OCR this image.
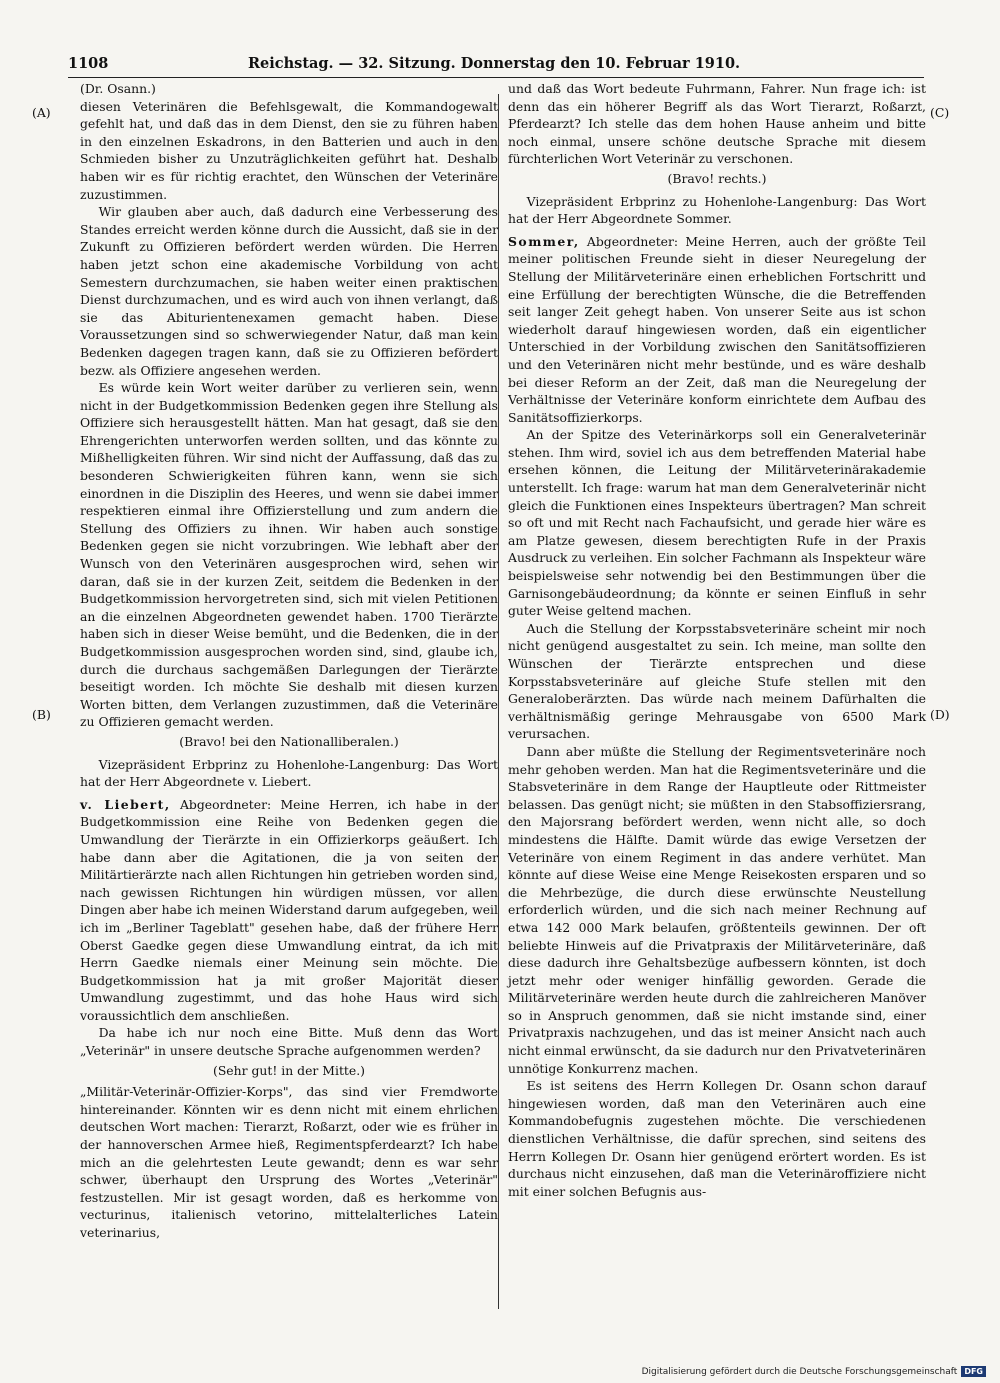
1108	Reichstag. — 32. Sitzung. Donnerstag den 10. Februar 1910.
(A)
(B)
(C)
(D)

(Dr. Osann.)

diesen Veterinären die Befehlsgewalt, die Kommandogewalt gefehlt hat, und daß das in dem Dienst, den sie zu führen haben in den einzelnen Eskadrons, in den Batterien und auch in den Schmieden bisher zu Unzuträglichkeiten geführt hat. Deshalb haben wir es für richtig erachtet, den Wünschen der Veterinäre zuzustimmen.

Wir glauben aber auch, daß dadurch eine Verbesserung des Standes erreicht werden könne durch die Aussicht, daß sie in der Zukunft zu Offizieren befördert werden würden. Die Herren haben jetzt schon eine akademische Vorbildung von acht Semestern durchzumachen, sie haben weiter einen praktischen Dienst durchzumachen, und es wird auch von ihnen verlangt, daß sie das Abiturientenexamen gemacht haben. Diese Voraussetzungen sind so schwerwiegender Natur, daß man kein Bedenken dagegen tragen kann, daß sie zu Offizieren befördert bezw. als Offiziere angesehen werden.

Es würde kein Wort weiter darüber zu verlieren sein, wenn nicht in der Budgetkommission Bedenken gegen ihre Stellung als Offiziere sich herausgestellt hätten. Man hat gesagt, daß sie den Ehrengerichten unterworfen werden sollten, und das könnte zu Mißhelligkeiten führen. Wir sind nicht der Auffassung, daß das zu besonderen Schwierigkeiten führen kann, wenn sie sich einordnen in die Disziplin des Heeres, und wenn sie dabei immer respektieren einmal ihre Offizierstellung und zum andern die Stellung des Offiziers zu ihnen. Wir haben auch sonstige Bedenken gegen sie nicht vorzubringen. Wie lebhaft aber der Wunsch von den Veterinären ausgesprochen wird, sehen wir daran, daß sie in der kurzen Zeit, seitdem die Bedenken in der Budgetkommission hervorgetreten sind, sich mit vielen Petitionen an die einzelnen Abgeordneten gewendet haben. 1700 Tierärzte haben sich in dieser Weise bemüht, und die Bedenken, die in der Budgetkommission ausgesprochen worden sind, sind, glaube ich, durch die durchaus sachgemäßen Darlegungen der Tierärzte beseitigt worden. Ich möchte Sie deshalb mit diesen kurzen Worten bitten, dem Verlangen zuzustimmen, daß die Veterinäre zu Offizieren gemacht werden.

(Bravo! bei den Nationalliberalen.)

Vizepräsident Erbprinz zu Hohenlohe-Langenburg: Das Wort hat der Herr Abgeordnete v. Liebert.

v. Liebert, Abgeordneter: Meine Herren, ich habe in der Budgetkommission eine Reihe von Bedenken gegen die Umwandlung der Tierärzte in ein Offizierkorps geäußert. Ich habe dann aber die Agitationen, die ja von seiten der Militärtierärzte nach allen Richtungen hin getrieben worden sind, nach gewissen Richtungen hin würdigen müssen, vor allen Dingen aber habe ich meinen Widerstand darum aufgegeben, weil ich im „Berliner Tageblatt" gesehen habe, daß der frühere Herr Oberst Gaedke gegen diese Umwandlung eintrat, da ich mit Herrn Gaedke niemals einer Meinung sein möchte. Die Budgetkommission hat ja mit großer Majorität dieser Umwandlung zugestimmt, und das hohe Haus wird sich voraussichtlich dem anschließen.

Da habe ich nur noch eine Bitte. Muß denn das Wort „Veterinär" in unsere deutsche Sprache aufgenommen werden?

(Sehr gut! in der Mitte.)

„Militär-Veterinär-Offizier-Korps", das sind vier Fremdworte hintereinander. Könnten wir es denn nicht mit einem ehrlichen deutschen Wort machen: Tierarzt, Roßarzt, oder wie es früher in der hannoverschen Armee hieß, Regimentspferdearzt? Ich habe mich an die gelehrtesten Leute gewandt; denn es war sehr schwer, überhaupt den Ursprung des Wortes „Veterinär" festzustellen. Mir ist gesagt worden, daß es herkomme von vecturinus, italienisch vetorino, mittelalterliches Latein veterinarius,

und daß das Wort bedeute Fuhrmann, Fahrer. Nun frage ich: ist denn das ein höherer Begriff als das Wort Tierarzt, Roßarzt, Pferdearzt? Ich stelle das dem hohen Hause anheim und bitte noch einmal, unsere schöne deutsche Sprache mit diesem fürchterlichen Wort Veterinär zu verschonen.

(Bravo! rechts.)

Vizepräsident Erbprinz zu Hohenlohe-Langenburg: Das Wort hat der Herr Abgeordnete Sommer.

Sommer, Abgeordneter: Meine Herren, auch der größte Teil meiner politischen Freunde sieht in dieser Neuregelung der Stellung der Militärveterinäre einen erheblichen Fortschritt und eine Erfüllung der berechtigten Wünsche, die die Betreffenden seit langer Zeit gehegt haben. Von unserer Seite aus ist schon wiederholt darauf hingewiesen worden, daß ein eigentlicher Unterschied in der Vorbildung zwischen den Sanitätsoffizieren und den Veterinären nicht mehr bestünde, und es wäre deshalb bei dieser Reform an der Zeit, daß man die Neuregelung der Verhältnisse der Veterinäre konform einrichtete dem Aufbau des Sanitätsoffizierkorps.

An der Spitze des Veterinärkorps soll ein Generalveterinär stehen. Ihm wird, soviel ich aus dem betreffenden Material habe ersehen können, die Leitung der Militärveterinärakademie unterstellt. Ich frage: warum hat man dem Generalveterinär nicht gleich die Funktionen eines Inspekteurs übertragen? Man schreit so oft und mit Recht nach Fachaufsicht, und gerade hier wäre es am Platze gewesen, diesem berechtigten Rufe in der Praxis Ausdruck zu verleihen. Ein solcher Fachmann als Inspekteur wäre beispielsweise sehr notwendig bei den Bestimmungen über die Garnisongebäudeordnung; da könnte er seinen Einfluß in sehr guter Weise geltend machen.

Auch die Stellung der Korpsstabsveterinäre scheint mir noch nicht genügend ausgestaltet zu sein. Ich meine, man sollte den Wünschen der Tierärzte entsprechen und diese Korpsstabsveterinäre auf gleiche Stufe stellen mit den Generaloberärzten. Das würde nach meinem Dafürhalten die verhältnismäßig geringe Mehrausgabe von 6500 Mark verursachen.

Dann aber müßte die Stellung der Regimentsveterinäre noch mehr gehoben werden. Man hat die Regimentsveterinäre und die Stabsveterinäre in dem Range der Hauptleute oder Rittmeister belassen. Das genügt nicht; sie müßten in den Stabsoffiziersrang, den Majorsrang befördert werden, wenn nicht alle, so doch mindestens die Hälfte. Damit würde das ewige Versetzen der Veterinäre von einem Regiment in das andere verhütet. Man könnte auf diese Weise eine Menge Reisekosten ersparen und so die Mehrbezüge, die durch diese erwünschte Neustellung erforderlich würden, und die sich nach meiner Rechnung auf etwa 142 000 Mark belaufen, größtenteils gewinnen. Der oft beliebte Hinweis auf die Privatpraxis der Militärveterinäre, daß diese dadurch ihre Gehaltsbezüge aufbessern könnten, ist doch jetzt mehr oder weniger hinfällig geworden. Gerade die Militärveterinäre werden heute durch die zahlreicheren Manöver so in Anspruch genommen, daß sie nicht imstande sind, einer Privatpraxis nachzugehen, und das ist meiner Ansicht nach auch nicht einmal erwünscht, da sie dadurch nur den Privatveterinären unnötige Konkurrenz machen.

Es ist seitens des Herrn Kollegen Dr. Osann schon darauf hingewiesen worden, daß man den Veterinären auch eine Kommandobefugnis zugestehen möchte. Die verschiedenen dienstlichen Verhältnisse, die dafür sprechen, sind seitens des Herrn Kollegen Dr. Osann hier genügend erörtert worden. Es ist durchaus nicht einzusehen, daß man die Veterinäroffiziere nicht mit einer solchen Befugnis aus-

Digitalisierung gefördert durch die Deutsche Forschungsgemeinschaft DFG
